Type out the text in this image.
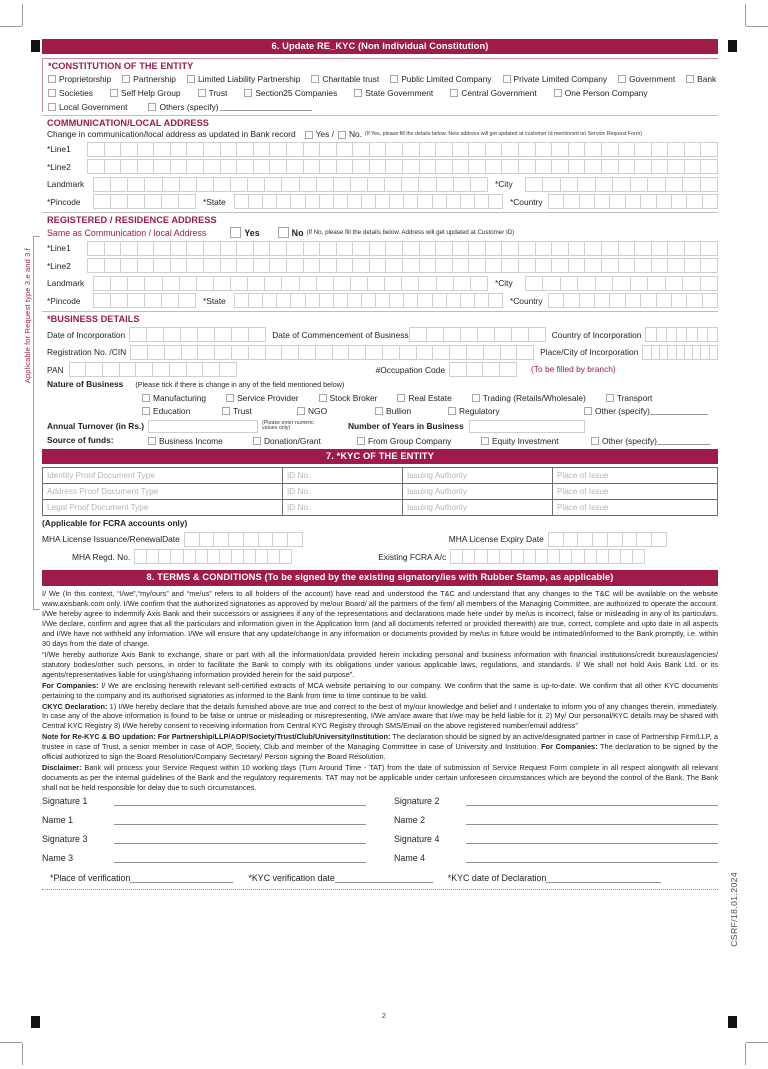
Applicable for Request type 3.e and 3.f
CSRF/18.01.2024
6. Update RE_KYC (Non Individual Constitution)
*CONSTITUTION OF THE ENTITY
Proprietorship	Partnership	Limited Liability Partnership	Charitable trust	Public Limited Company	Private Limited Company	Government	Bank
Societies	Self Help Group	Trust	Section25 Companies	State Government	Central Government	One Person Company
Local Government	Others (specify)
COMMUNICATION/LOCAL ADDRESS
Change in communication/local address as updated in Bank record Yes / No. (If Yes, please fill the details below. New address will get updated at customer Id mentioned on Service Request Form)
*Line1
*Line2
Landmark	*City
*Pincode	*State	*Country
REGISTERED / RESIDENCE ADDRESS
Same as Communication / local Address	Yes	No (If No, please fill the details below. Address will get updated at Customer ID)
*Line1
*Line2
Landmark	*City
*Pincode	*State	*Country
*BUSINESS DETAILS
Date of Incorporation	Date of Commencement of Business	Country of Incorporation
Registration No. /CIN	Place/City of Incorporation
PAN	#Occupation Code	(To be filled by branch)
Nature of Business (Please tick if there is change in any of the field mentioned below)
Manufacturing	Service Provider	Stock Broker	Real Estate	Trading (Retails/Wholesale)	Transport
Education	Trust	NGO	Bullion	Regulatory	Other (specify)
Annual Turnover (in Rs.)	(Please enter numeric values only)	Number of Years in Business
Source of funds:	Business Income	Donation/Grant	From Group Company	Equity Investment	Other (specify)
7. *KYC OF THE ENTITY
Identity Proof Document Type	ID No.	Issuing Authority	Place of Issue
Address Proof Document Type	ID No.	Issuing Authority	Place of Issue
Legal Proof Document Type	ID No.	Issuing Authority	Place of Issue
(Applicable for FCRA accounts only)
MHA License Issuance/RenewalDate	MHA License Expiry Date
MHA Regd. No.	Existing FCRA A/c
8. TERMS & CONDITIONS (To be signed by the existing signatory/ies with Rubber Stamp, as applicable)

I/ We (In this context, “I/we”,“my/ours” and “me/us” refers to all holders of the account) have read and understood the T&C and understand that any changes to the T&C will be available on the website www.axisbank.com only. I/We confirm that the authorized signatories as approved by me/our Board/ all the partners of the firm/ all members of the Managing Committee, are authorized to operate the account. I/We hereby agree to indemnify Axis Bank and their successors or assignees if any of the representations and declarations made here under by me/us is incorrect, false or misleading in any of its particulars. I/We declare, confirm and agree that all the particulars and information given in the Application form (and all documents referred or provided therewith) are true, correct, complete and upto date in all aspects and I/We have not withheld any information. I/We will ensure that any update/change in any information or documents provided by me/us in future would be intimated/informed to the Bank promptly, i.e. within 30 days from the date of change.

“I/We hereby authorize Axis Bank to exchange, share or part with all the information/data provided herein including personal and business information with financial institutions/credit bureaus/agencies/ statutory bodies/other such persons, in order to facilitate the Bank to comply with its obligations under various applicable laws, regulations, and standards. I/ We shall not hold Axis Bank Ltd. or its agents/representatives liable for using/sharing information provided herein for the said purpose”.

For Companies: I/ We are enclosing herewith relevant self-certified extracts of MCA website pertaining to our company. We confirm that the same is up-to-date. We confirm that all other KYC documents pertaining to the company and its authorised signatories as informed to the Bank from time to time continue to be valid.

CKYC Declaration: 1) I/We hereby declare that the details furnished above are true and correct to the best of my/our knowledge and belief and I undertake to inform you of any changes therein, immediately. In case any of the above information is found to be false or untrue or misleading or misrepresenting, I/We am/are aware that I/we may be held liable for it. 2) My/ Our personal/KYC details may be shared with Central KYC Registry 3) I/We hereby consent to receiving information from Central KYC Registry through SMS/Email on the above registered number/email address”

Note for Re-KYC & BO updation: For Partnership/LLP/AOP/Society/Trust/Club/University/Institution: The declaration should be signed by an active/designated partner in case of Partnership Firm/LLP, a trustee in case of Trust, a senior member in case of AOP, Society, Club and member of the Managing Committee in case of University and Institution. For Companies: The declaration to be signed by the official authorized to sign the Board Resolution/Company Secretary/ Person signing the Board Resolution.

Disclaimer: Bank will process your Service Request within 10 working days (Turn Around Time - TAT) from the date of submission of Service Request Form complete in all respect alongwith all relevant documents as per the internal guidelines of the Bank and the regulatory requirements. TAT may not be applicable under certain unforeseen circumstances which are beyond the control of the Bank. The Bank shall not be held responsible for delay due to such circumstances.

Signature 1	Signature 2
Name 1	Name 2
Signature 3	Signature 4
Name 3	Name 4
*Place of verification	*KYC verification date	*KYC date of Declaration
2
